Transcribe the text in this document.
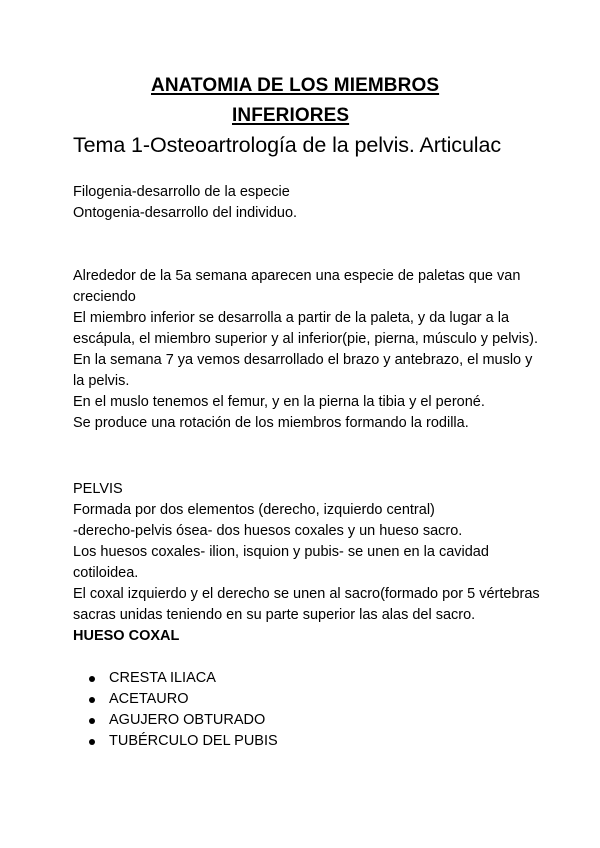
ANATOMIA DE LOS MIEMBROS
INFERIORES
Tema 1-Osteoartrología de la pelvis. Articulac

Filogenia-desarrollo de la especie

Ontogenia-desarrollo del individuo.

Alrededor de la 5a semana aparecen una especie de paletas que van creciendo

El miembro inferior se desarrolla a partir de la paleta, y da lugar a la escápula, el miembro superior y al inferior(pie, pierna, músculo y pelvis).

En la semana 7 ya vemos desarrollado el brazo y antebrazo, el muslo y la pelvis.

En el muslo tenemos el femur, y en la pierna la tibia y el peroné.

Se produce una rotación de los miembros formando la rodilla.

PELVIS

Formada por dos elementos (derecho, izquierdo central)

-derecho-pelvis ósea- dos huesos coxales y un hueso sacro.

Los huesos coxales- ilion, isquion y pubis- se unen en la cavidad cotiloidea.

El coxal izquierdo y el derecho se unen al sacro(formado por 5 vértebras sacras unidas teniendo en su parte superior las alas del sacro.

HUESO COXAL

CRESTA ILIACA
ACETAURO
AGUJERO OBTURADO
TUBÉRCULO DEL PUBIS
